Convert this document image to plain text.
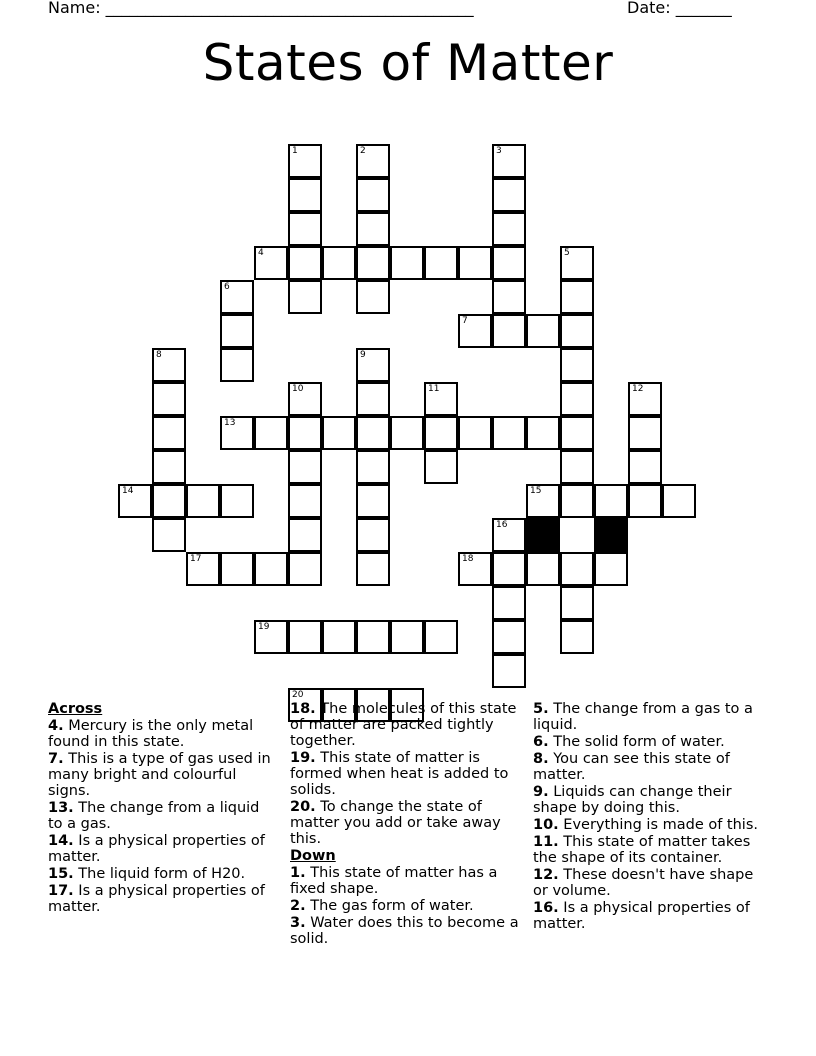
Name: ______________________________________________	Date: _______
States of Matter
1	2	3
4	5
6
7
8	9
10	11	12
13
14	15
16
17	18
19
20
Across
4. Mercury is the only metal found in this state.
7. This is a type of gas used in many bright and colourful signs.
13. The change from a liquid to a gas.
14. Is a physical properties of matter.
15. The liquid form of H20.
17. Is a physical properties of matter.
18. The molecules of this state of matter are packed tightly together.
19. This state of matter is formed when heat is added to solids.
20. To change the state of matter you add or take away this.
Down
1. This state of matter has a fixed shape.
2. The gas form of water.
3. Water does this to become a solid.
5. The change from a gas to a liquid.
6. The solid form of water.
8. You can see this state of matter.
9. Liquids can change their shape by doing this.
10. Everything is made of this.
11. This state of matter takes the shape of its container.
12. These doesn't have shape or volume.
16. Is a physical properties of matter.
